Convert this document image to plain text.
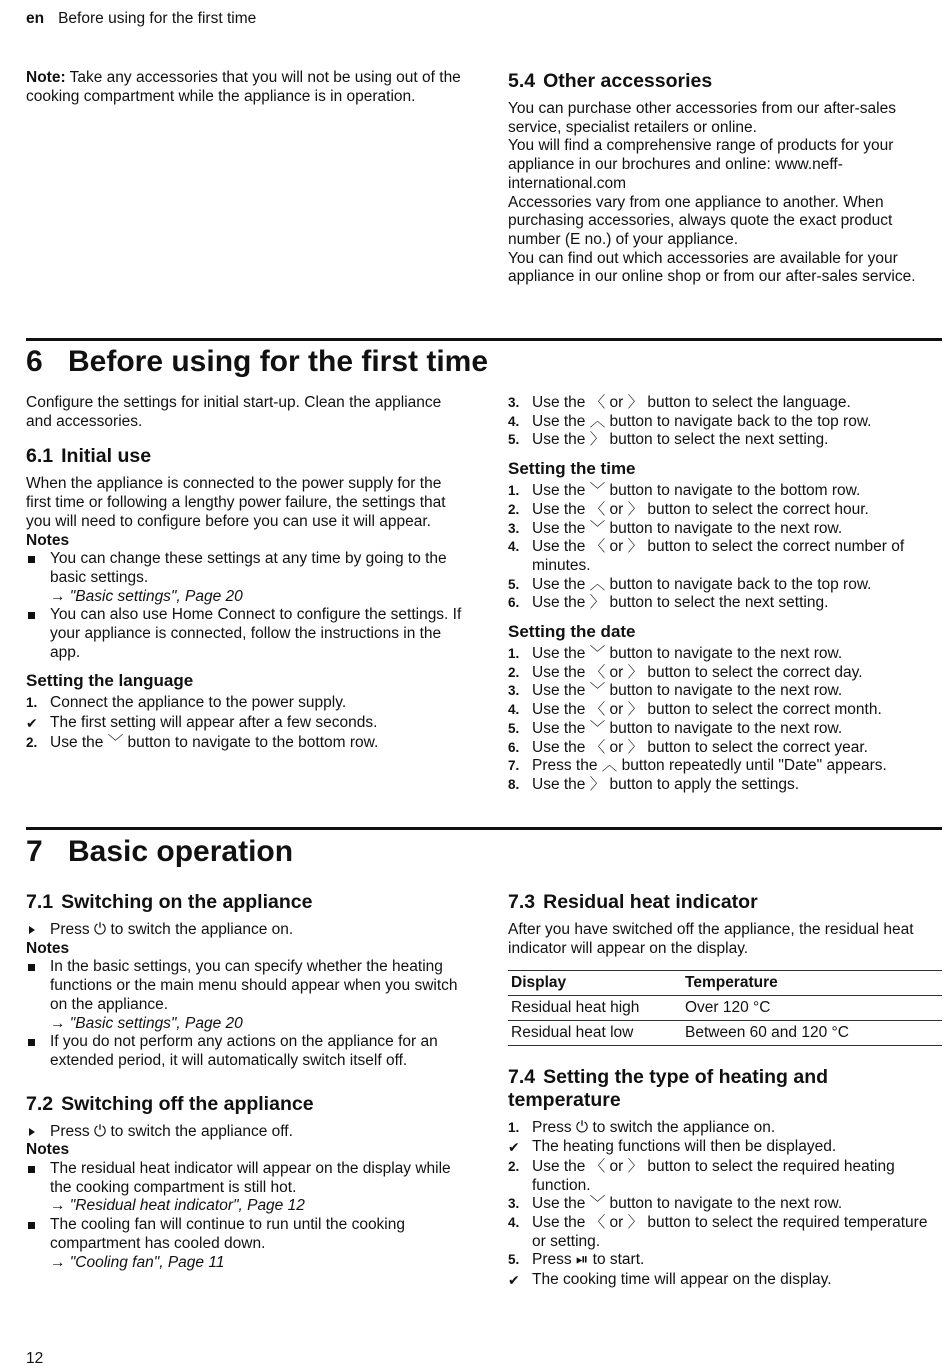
en Before using for the first time

Note: Take any accessories that you will not be using out of the cooking compartment while the appliance is in operation.

5.4 Other accessories

You can purchase other accessories from our after-sales service, specialist retailers or online.

You will find a comprehensive range of products for your appliance in our brochures and online: www.neff-international.com

Accessories vary from one appliance to another. When purchasing accessories, always quote the exact product number (E no.) of your appliance.

You can find out which accessories are available for your appliance in our online shop or from our after-sales service.

6 Before using for the first time

Configure the settings for initial start-up. Clean the appliance and accessories.

6.1 Initial use

When the appliance is connected to the power supply for the first time or following a lengthy power failure, the settings that you will need to configure before you can use it will appear.

Notes

You can change these settings at any time by going to the basic settings.
→ "Basic settings", Page 20
You can also use Home Connect to configure the settings. If your appliance is connected, follow the instructions in the app.
Setting the language
1. Connect the appliance to the power supply.
✔ The first setting will appear after a few seconds.
2. Use the ﹀ button to navigate to the bottom row.
3. Use the 〈 or 〉 button to select the language.
4. Use the ︿ button to navigate back to the top row.
5. Use the 〉 button to select the next setting.
Setting the time
1. Use the ﹀ button to navigate to the bottom row.
2. Use the 〈 or 〉 button to select the correct hour.
3. Use the ﹀ button to navigate to the next row.
4. Use the 〈 or 〉 button to select the correct number of minutes.
5. Use the ︿ button to navigate back to the top row.
6. Use the 〉 button to select the next setting.
Setting the date
1. Use the ﹀ button to navigate to the next row.
2. Use the 〈 or 〉 button to select the correct day.
3. Use the ﹀ button to navigate to the next row.
4. Use the 〈 or 〉 button to select the correct month.
5. Use the ﹀ button to navigate to the next row.
6. Use the 〈 or 〉 button to select the correct year.
7. Press the ︿ button repeatedly until "Date" appears.
8. Use the 〉 button to apply the settings.
7 Basic operation
7.1 Switching on the appliance
Press ⏻ to switch the appliance on.

Notes

In the basic settings, you can specify whether the heating functions or the main menu should appear when you switch on the appliance.
→ "Basic settings", Page 20
If you do not perform any actions on the appliance for an extended period, it will automatically switch itself off.
7.2 Switching off the appliance
Press ⏻ to switch the appliance off.

Notes

The residual heat indicator will appear on the display while the cooking compartment is still hot.
→ "Residual heat indicator", Page 12
The cooling fan will continue to run until the cooking compartment has cooled down.
→ "Cooling fan", Page 11
7.3 Residual heat indicator

After you have switched off the appliance, the residual heat indicator will appear on the display.

Display	Temperature
Residual heat high	Over 120 °C
Residual heat low	Between 60 and 120 °C
7.4 Setting the type of heating and temperature
1. Press ⏻ to switch the appliance on.
✔ The heating functions will then be displayed.
2. Use the 〈 or 〉 button to select the required heating function.
3. Use the ﹀ button to navigate to the next row.
4. Use the 〈 or 〉 button to select the required temperature or setting.
5. Press ⏯ to start.
✔ The cooking time will appear on the display.
12
